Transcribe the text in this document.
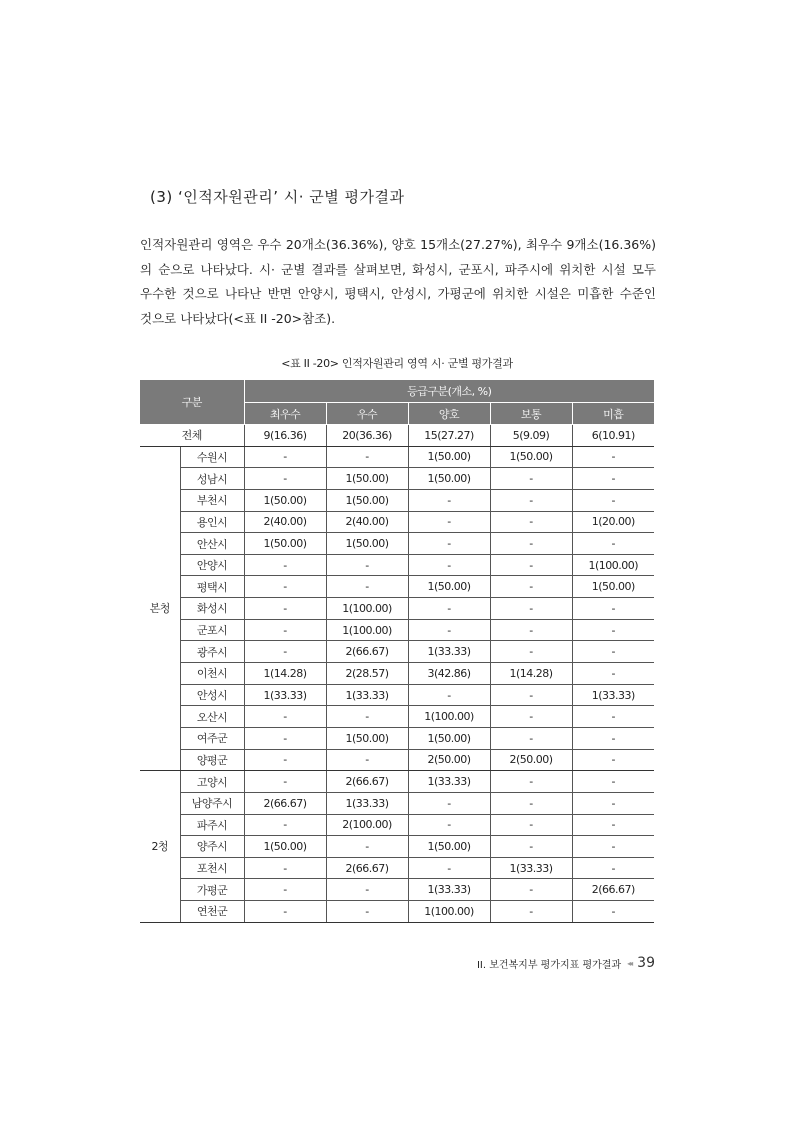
(3) ‘인적자원관리’ 시· 군별 평가결과

인적자원관리 영역은 우수 20개소(36.36%), 양호 15개소(27.27%), 최우수 9개소(16.36%)의 순으로 나타났다. 시· 군별 결과를 살펴보면, 화성시, 군포시, 파주시에 위치한 시설 모두 우수한 것으로 나타난 반면 안양시, 평택시, 안성시, 가평군에 위치한 시설은 미흡한 수준인 것으로 나타났다(<표 II -20>참조).

<표 II -20> 인적자원관리 영역 시· 군별 평가결과
구분		등급구분(개소, %)				
		최우수	우수	양호	보통	미흡
전체		9(16.36)	20(36.36)	15(27.27)	5(9.09)	6(10.91)
본청	수원시	-	-	1(50.00)	1(50.00)	-
	성남시	-	1(50.00)	1(50.00)	-	-
	부천시	1(50.00)	1(50.00)	-	-	-
	용인시	2(40.00)	2(40.00)	-	-	1(20.00)
	안산시	1(50.00)	1(50.00)	-	-	-
	안양시	-	-	-	-	1(100.00)
	평택시	-	-	1(50.00)	-	1(50.00)
	화성시	-	1(100.00)	-	-	-
	군포시	-	1(100.00)	-	-	-
	광주시	-	2(66.67)	1(33.33)	-	-
	이천시	1(14.28)	2(28.57)	3(42.86)	1(14.28)	-
	안성시	1(33.33)	1(33.33)	-	-	1(33.33)
	오산시	-	-	1(100.00)	-	-
	여주군	-	1(50.00)	1(50.00)	-	-
	양평군	-	-	2(50.00)	2(50.00)	-
2청	고양시	-	2(66.67)	1(33.33)	-	-
	남양주시	2(66.67)	1(33.33)	-	-	-
	파주시	-	2(100.00)	-	-	-
	양주시	1(50.00)	-	1(50.00)	-	-
	포천시	-	2(66.67)	-	1(33.33)	-
	가평군	-	-	1(33.33)	-	2(66.67)
	연천군	-	-	1(100.00)	-	-
II. 보건복지부 평가지표 평가결과 ◂◂ 39
